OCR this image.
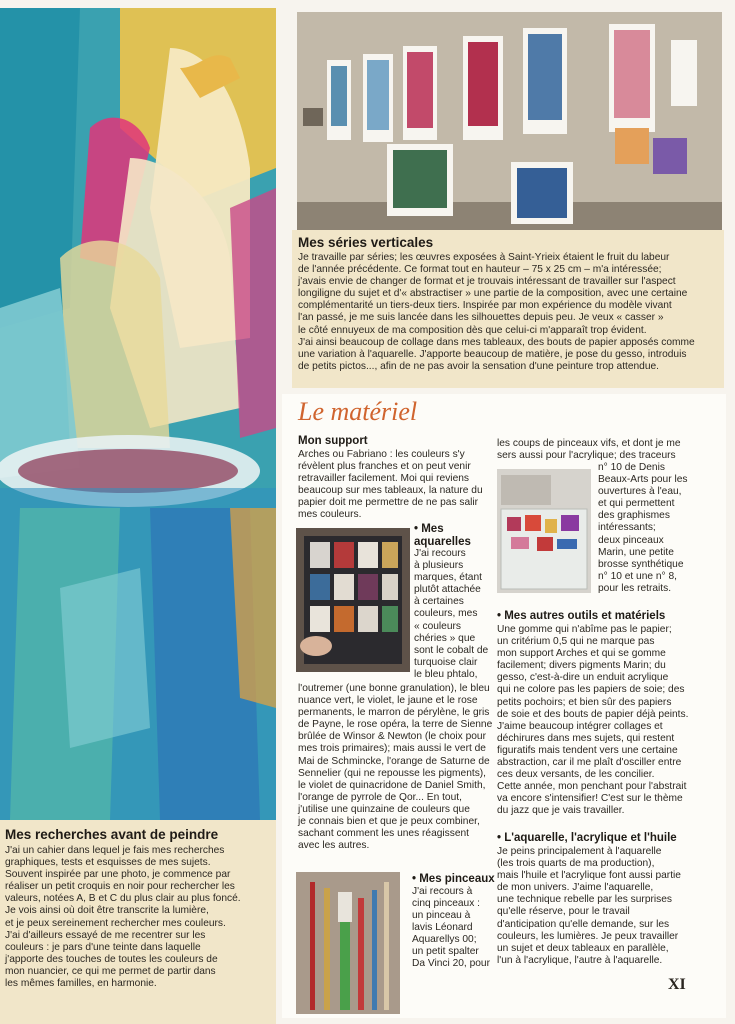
Mes séries verticales
Je travaille par séries; les œuvres exposées à Saint-Yrieix étaient le fruit du labeur
de l'année précédente. Ce format tout en hauteur – 75 x 25 cm – m'a intéressée;
j'avais envie de changer de format et je trouvais intéressant de travailler sur l'aspect
longiligne du sujet et d'« abstractiser » une partie de la composition, avec une certaine
complémentarité un tiers-deux tiers. Inspirée par mon expérience du modèle vivant
l'an passé, je me suis lancée dans les silhouettes depuis peu. Je veux « casser »
le côté ennuyeux de ma composition dès que celui-ci m'apparaît trop évident.
J'ai ainsi beaucoup de collage dans mes tableaux, des bouts de papier apposés comme
une variation à l'aquarelle. J'apporte beaucoup de matière, je pose du gesso, introduis
de petits pictos..., afin de ne pas avoir la sensation d'une peinture trop attendue.
Le matériel
Mon support
Arches ou Fabriano : les couleurs s'y
révèlent plus franches et on peut venir
retravailler facilement. Moi qui reviens
beaucoup sur mes tableaux, la nature du
papier doit me permettre de ne pas salir
mes couleurs.
• Mes
aquarelles
J'ai recours
à plusieurs
marques, étant
plutôt attachée
à certaines
couleurs, mes
« couleurs
chéries » que
sont le cobalt de
turquoise clair
le bleu phtalo,
l'outremer (une bonne granulation), le bleu
nuance vert, le violet, le jaune et le rose
permanents, le marron de pérylène, le gris
de Payne, le rose opéra, la terre de Sienne
brûlée de Winsor & Newton (le choix pour
mes trois primaires); mais aussi le vert de
Mai de Schmincke, l'orange de Saturne de
Sennelier (qui ne repousse les pigments),
le violet de quinacridone de Daniel Smith,
l'orange de pyrrole de Qor... En tout,
j'utilise une quinzaine de couleurs que
je connais bien et que je peux combiner,
sachant comment les unes réagissent
avec les autres.
• Mes pinceaux
J'ai recours à
cinq pinceaux :
un pinceau à
lavis Léonard
Aquarellys 00;
un petit spalter
Da Vinci 20, pour
les coups de pinceaux vifs, et dont je me
sers aussi pour l'acrylique; des traceurs
n° 10 de Denis
Beaux-Arts pour les
ouvertures à l'eau,
et qui permettent
des graphismes
intéressants;
deux pinceaux
Marin, une petite
brosse synthétique
n° 10 et une n° 8,
pour les retraits.
• Mes autres outils et matériels
Une gomme qui n'abîme pas le papier;
un critérium 0,5 qui ne marque pas
mon support Arches et qui se gomme
facilement; divers pigments Marin; du
gesso, c'est-à-dire un enduit acrylique
qui ne colore pas les papiers de soie; des
petits pochoirs; et bien sûr des papiers
de soie et des bouts de papier déjà peints.
J'aime beaucoup intégrer collages et
déchirures dans mes sujets, qui restent
figuratifs mais tendent vers une certaine
abstraction, car il me plaît d'osciller entre
ces deux versants, de les concilier.
Cette année, mon penchant pour l'abstrait
va encore s'intensifier! C'est sur le thème
du jazz que je vais travailler.
• L'aquarelle, l'acrylique et l'huile
Je peins principalement à l'aquarelle
(les trois quarts de ma production),
mais l'huile et l'acrylique font aussi partie
de mon univers. J'aime l'aquarelle,
une technique rebelle par les surprises
qu'elle réserve, pour le travail
d'anticipation qu'elle demande, sur les
couleurs, les lumières. Je peux travailler
un sujet et deux tableaux en parallèle,
l'un à l'acrylique, l'autre à l'aquarelle.
Mes recherches avant de peindre
J'ai un cahier dans lequel je fais mes recherches
graphiques, tests et esquisses de mes sujets.
Souvent inspirée par une photo, je commence par
réaliser un petit croquis en noir pour rechercher les
valeurs, notées A, B et C du plus clair au plus foncé.
Je vois ainsi où doit être transcrite la lumière,
et je peux sereinement rechercher mes couleurs.
J'ai d'ailleurs essayé de me recentrer sur les
couleurs : je pars d'une teinte dans laquelle
j'apporte des touches de toutes les couleurs de
mon nuancier, ce qui me permet de partir dans
les mêmes familles, en harmonie.	XI
